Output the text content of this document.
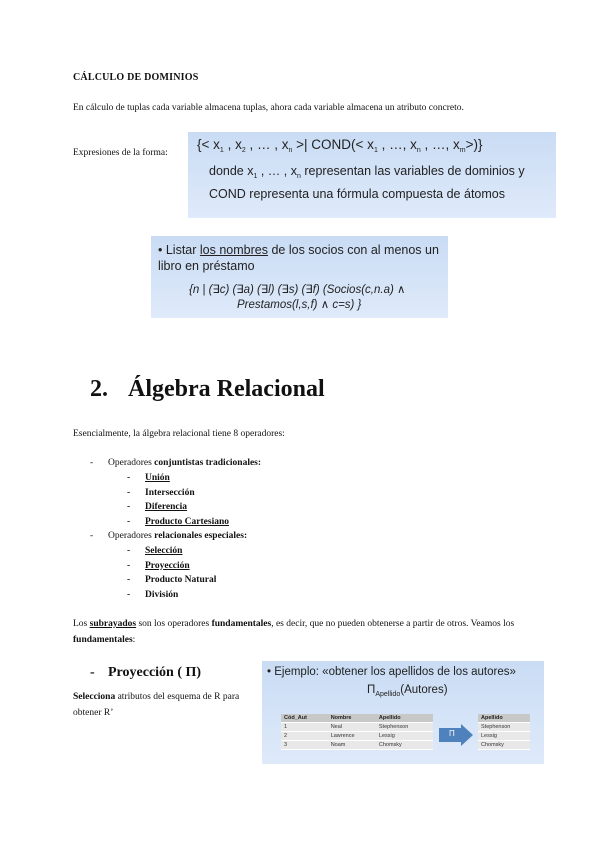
CÁLCULO DE DOMINIOS
En cálculo de tuplas cada variable almacena tuplas, ahora cada variable almacena un atributo concreto.
Expresiones de la forma:
{< $x_1$ , $x_2$ , … , $x_n$ >| COND(< $x_1$ , …, $x_n$ , …, $x_m>$)}
donde $x_1$ , … , $x_n$ representan las variables de dominios y COND representa una fórmula compuesta de átomos
• Listar los nombres de los socios con al menos un libro en préstamo
{n | (∃c) (∃a) (∃l) (∃s) (∃f) (Socios(c,n.a) ∧
Prestamos(l,s,f) ∧ c=s) }
2. Álgebra Relacional
Esencialmente, la álgebra relacional tiene 8 operadores:
- Operadores conjuntistas tradicionales:
- Unión
- Intersección
- Diferencia
- Producto Cartesiano
- Operadores relacionales especiales:
- Selección
- Proyección
- Producto Natural
- División
Los subrayados son los operadores fundamentales, es decir, que no pueden obtenerse a partir de otros. Veamos los fundamentales:
- Proyección ( Π)
Selecciona atributos del esquema de R para obtener R’
• Ejemplo: «obtener los apellidos de los autores»
$\Pi_{Apellido}(Autores)$
Cód_Aut	Nombre	Apellido
1	Neal	Stephenson
2	Lawrence	Lessig
3	Noam	Chomsky
Π
Apellido
Stephenson
Lessig
Chomsky
